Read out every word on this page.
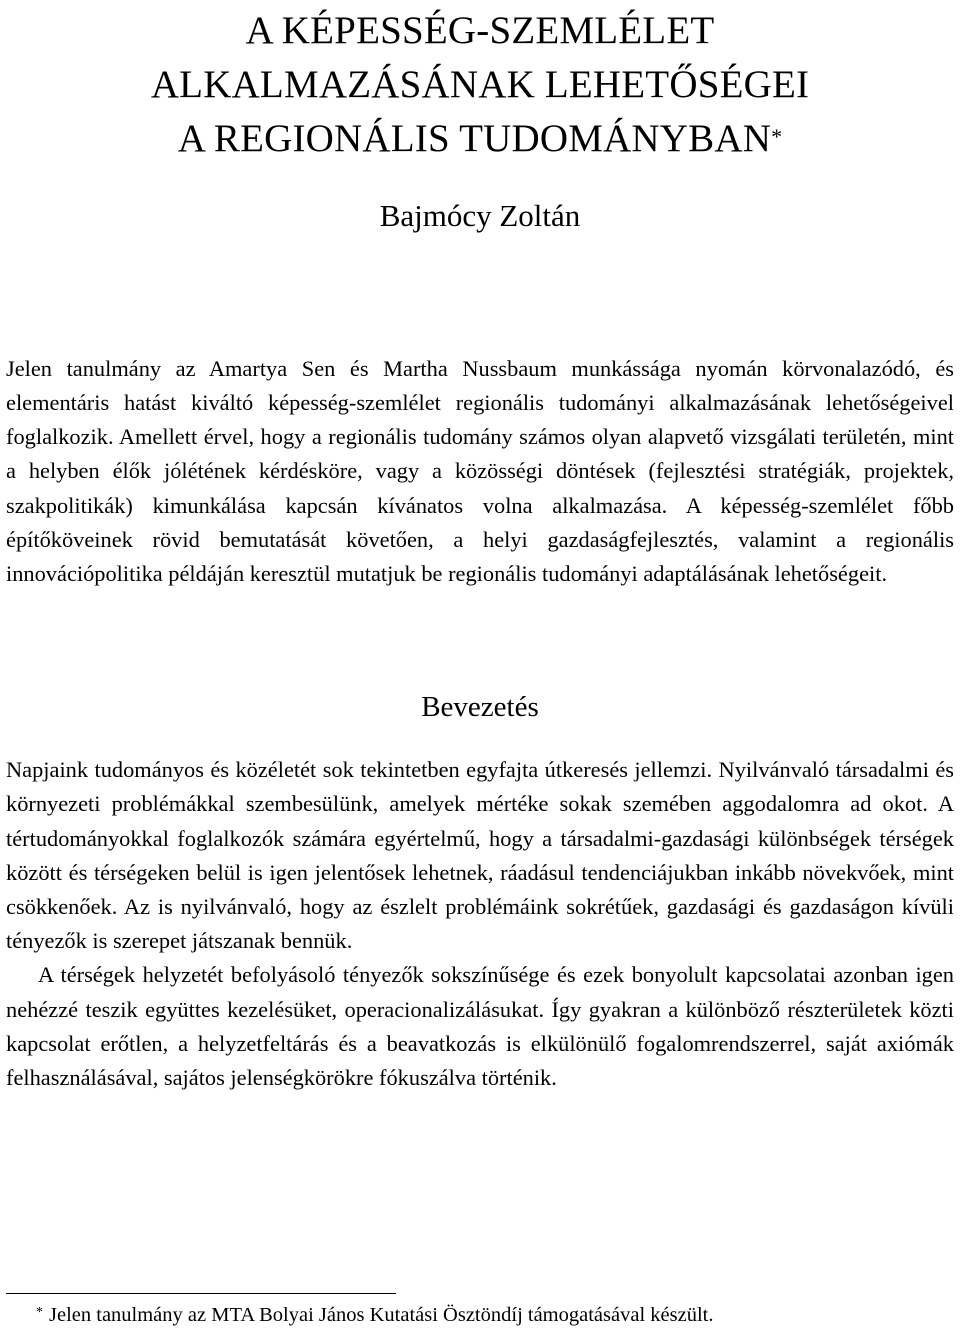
A KÉPESSÉG-SZEMLÉLET
ALKALMAZÁSÁNAK LEHETŐSÉGEI
A REGIONÁLIS TUDOMÁNYBAN*
Bajmócy Zoltán

Jelen tanulmány az Amartya Sen és Martha Nussbaum munkássága nyomán körvonalazódó, és elementáris hatást kiváltó képesség-szemlélet regionális tudományi alkalmazásának lehetőségeivel foglalkozik. Amellett érvel, hogy a regionális tudomány számos olyan alapvető vizsgálati területén, mint a helyben élők jólétének kérdésköre, vagy a közösségi döntések (fejlesztési stratégiák, projektek, szakpolitikák) kimunkálása kapcsán kívánatos volna alkalmazása. A képesség-szemlélet főbb építőköveinek rövid bemutatását követően, a helyi gazdaságfejlesztés, valamint a regionális innovációpolitika példáján keresztül mutatjuk be regionális tudományi adaptálásának lehetőségeit.

Bevezetés

Napjaink tudományos és közéletét sok tekintetben egyfajta útkeresés jellemzi. Nyilvánvaló társadalmi és környezeti problémákkal szembesülünk, amelyek mértéke sokak szemében aggodalomra ad okot. A tértudományokkal foglalkozók számára egyértelmű, hogy a társadalmi-gazdasági különbségek térségek között és térségeken belül is igen jelentősek lehetnek, ráadásul tendenciájukban inkább növekvőek, mint csökkenőek. Az is nyilvánvaló, hogy az észlelt problémáink sokrétűek, gazdasági és gazdaságon kívüli tényezők is szerepet játszanak bennük.

A térségek helyzetét befolyásoló tényezők sokszínűsége és ezek bonyolult kapcsolatai azonban igen nehézzé teszik együttes kezelésüket, operacionalizálásukat. Így gyakran a különböző részterületek közti kapcsolat erőtlen, a helyzetfeltárás és a beavatkozás is elkülönülő fogalomrendszerrel, saját axiómák felhasználásával, sajátos jelenségkörökre fókuszálva történik.

* Jelen tanulmány az MTA Bolyai János Kutatási Ösztöndíj támogatásával készült.
